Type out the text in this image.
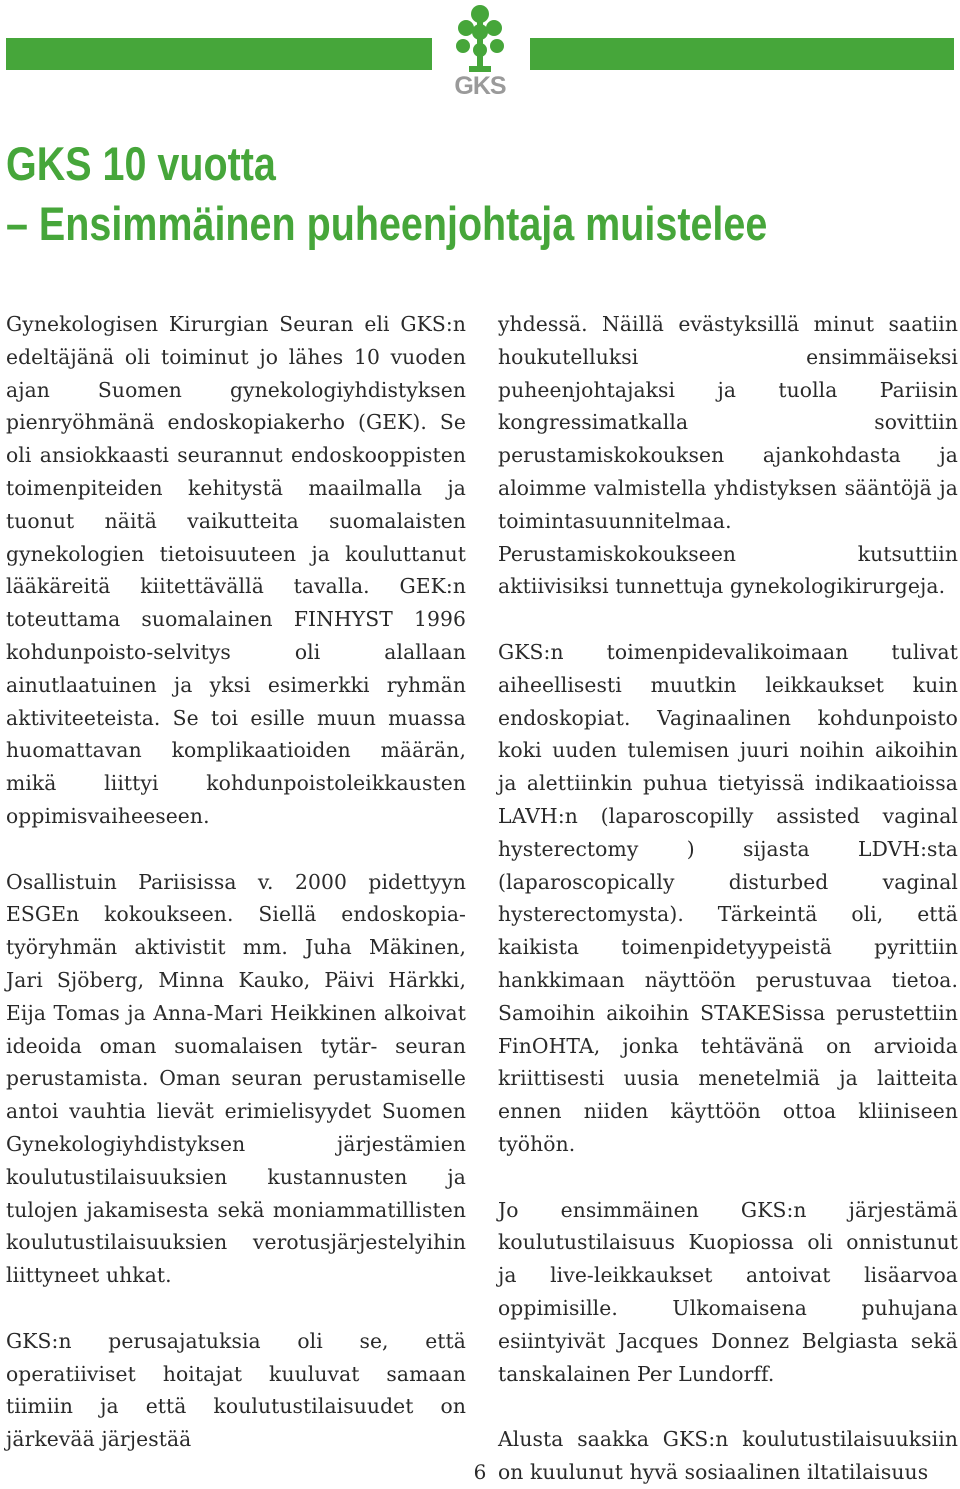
GKS
GKS 10 vuotta
– Ensimmäinen puheenjohtaja muistelee

Gynekologisen Kirurgian Seuran eli GKS:n edeltäjänä oli toiminut jo lähes 10 vuoden ajan Suomen gynekologiyhdistyksen pienryöhmänä endoskopiakerho (GEK). Se oli ansiokkaasti seurannut endoskooppisten toimenpiteiden kehitystä maailmalla ja tuonut näitä vaikutteita suomalaisten gynekologien tietoisuuteen ja kouluttanut lääkäreitä kiitettävällä tavalla. GEK:n toteuttama suomalainen FINHYST 1996 kohdunpoisto-selvitys oli alallaan ainutlaatuinen ja yksi esimerkki ryhmän aktiviteeteista. Se toi esille muun muassa huomattavan komplikaatioiden määrän, mikä liittyi kohdunpoistoleikkausten oppimisvaiheeseen.

Osallistuin Pariisissa v. 2000 pidettyyn ESGEn kokoukseen. Siellä endoskopia-työryhmän aktivistit mm. Juha Mäkinen, Jari Sjöberg, Minna Kauko, Päivi Härkki, Eija Tomas ja Anna-Mari Heikkinen alkoivat ideoida oman suomalaisen tytär- seuran perustamista. Oman seuran perustamiselle antoi vauhtia lievät erimielisyydet Suomen Gynekologiyhdistyksen järjestämien koulutustilaisuuksien kustannusten ja tulojen jakamisesta sekä moniammatillisten koulutustilaisuuksien verotusjärjestelyihin liittyneet uhkat.

GKS:n perusajatuksia oli se, että operatiiviset hoitajat kuuluvat samaan tiimiin ja että koulutustilaisuudet on järkevää järjestää

yhdessä. Näillä evästyksillä minut saatiin houkutelluksi ensimmäiseksi puheenjohtajaksi ja tuolla Pariisin kongressimatkalla sovittiin perustamiskokouksen ajankohdasta ja aloimme valmistella yhdistyksen sääntöjä ja toimintasuunnitelmaa. Perustamiskokoukseen kutsuttiin aktiivisiksi tunnettuja gynekologikirurgeja.

GKS:n toimenpidevalikoimaan tulivat aiheellisesti muutkin leikkaukset kuin endoskopiat. Vaginaalinen kohdunpoisto koki uuden tulemisen juuri noihin aikoihin ja alettiinkin puhua tietyissä indikaatioissa LAVH:n (laparoscopilly assisted vaginal hysterectomy ) sijasta LDVH:sta (laparoscopically disturbed vaginal hysterectomysta). Tärkeintä oli, että kaikista toimenpidetyypeistä pyrittiin hankkimaan näyttöön perustuvaa tietoa. Samoihin aikoihin STAKESissa perustettiin FinOHTA, jonka tehtävänä on arvioida kriittisesti uusia menetelmiä ja laitteita ennen niiden käyttöön ottoa kliiniseen työhön.

Jo ensimmäinen GKS:n järjestämä koulutustilaisuus Kuopiossa oli onnistunut ja live-leikkaukset antoivat lisäarvoa oppimisille. Ulkomaisena puhujana esiintyivät Jacques Donnez Belgiasta sekä tanskalainen Per Lundorff.

Alusta saakka GKS:n koulutustilaisuuksiin on kuulunut hyvä sosiaalinen iltatilaisuus

6
